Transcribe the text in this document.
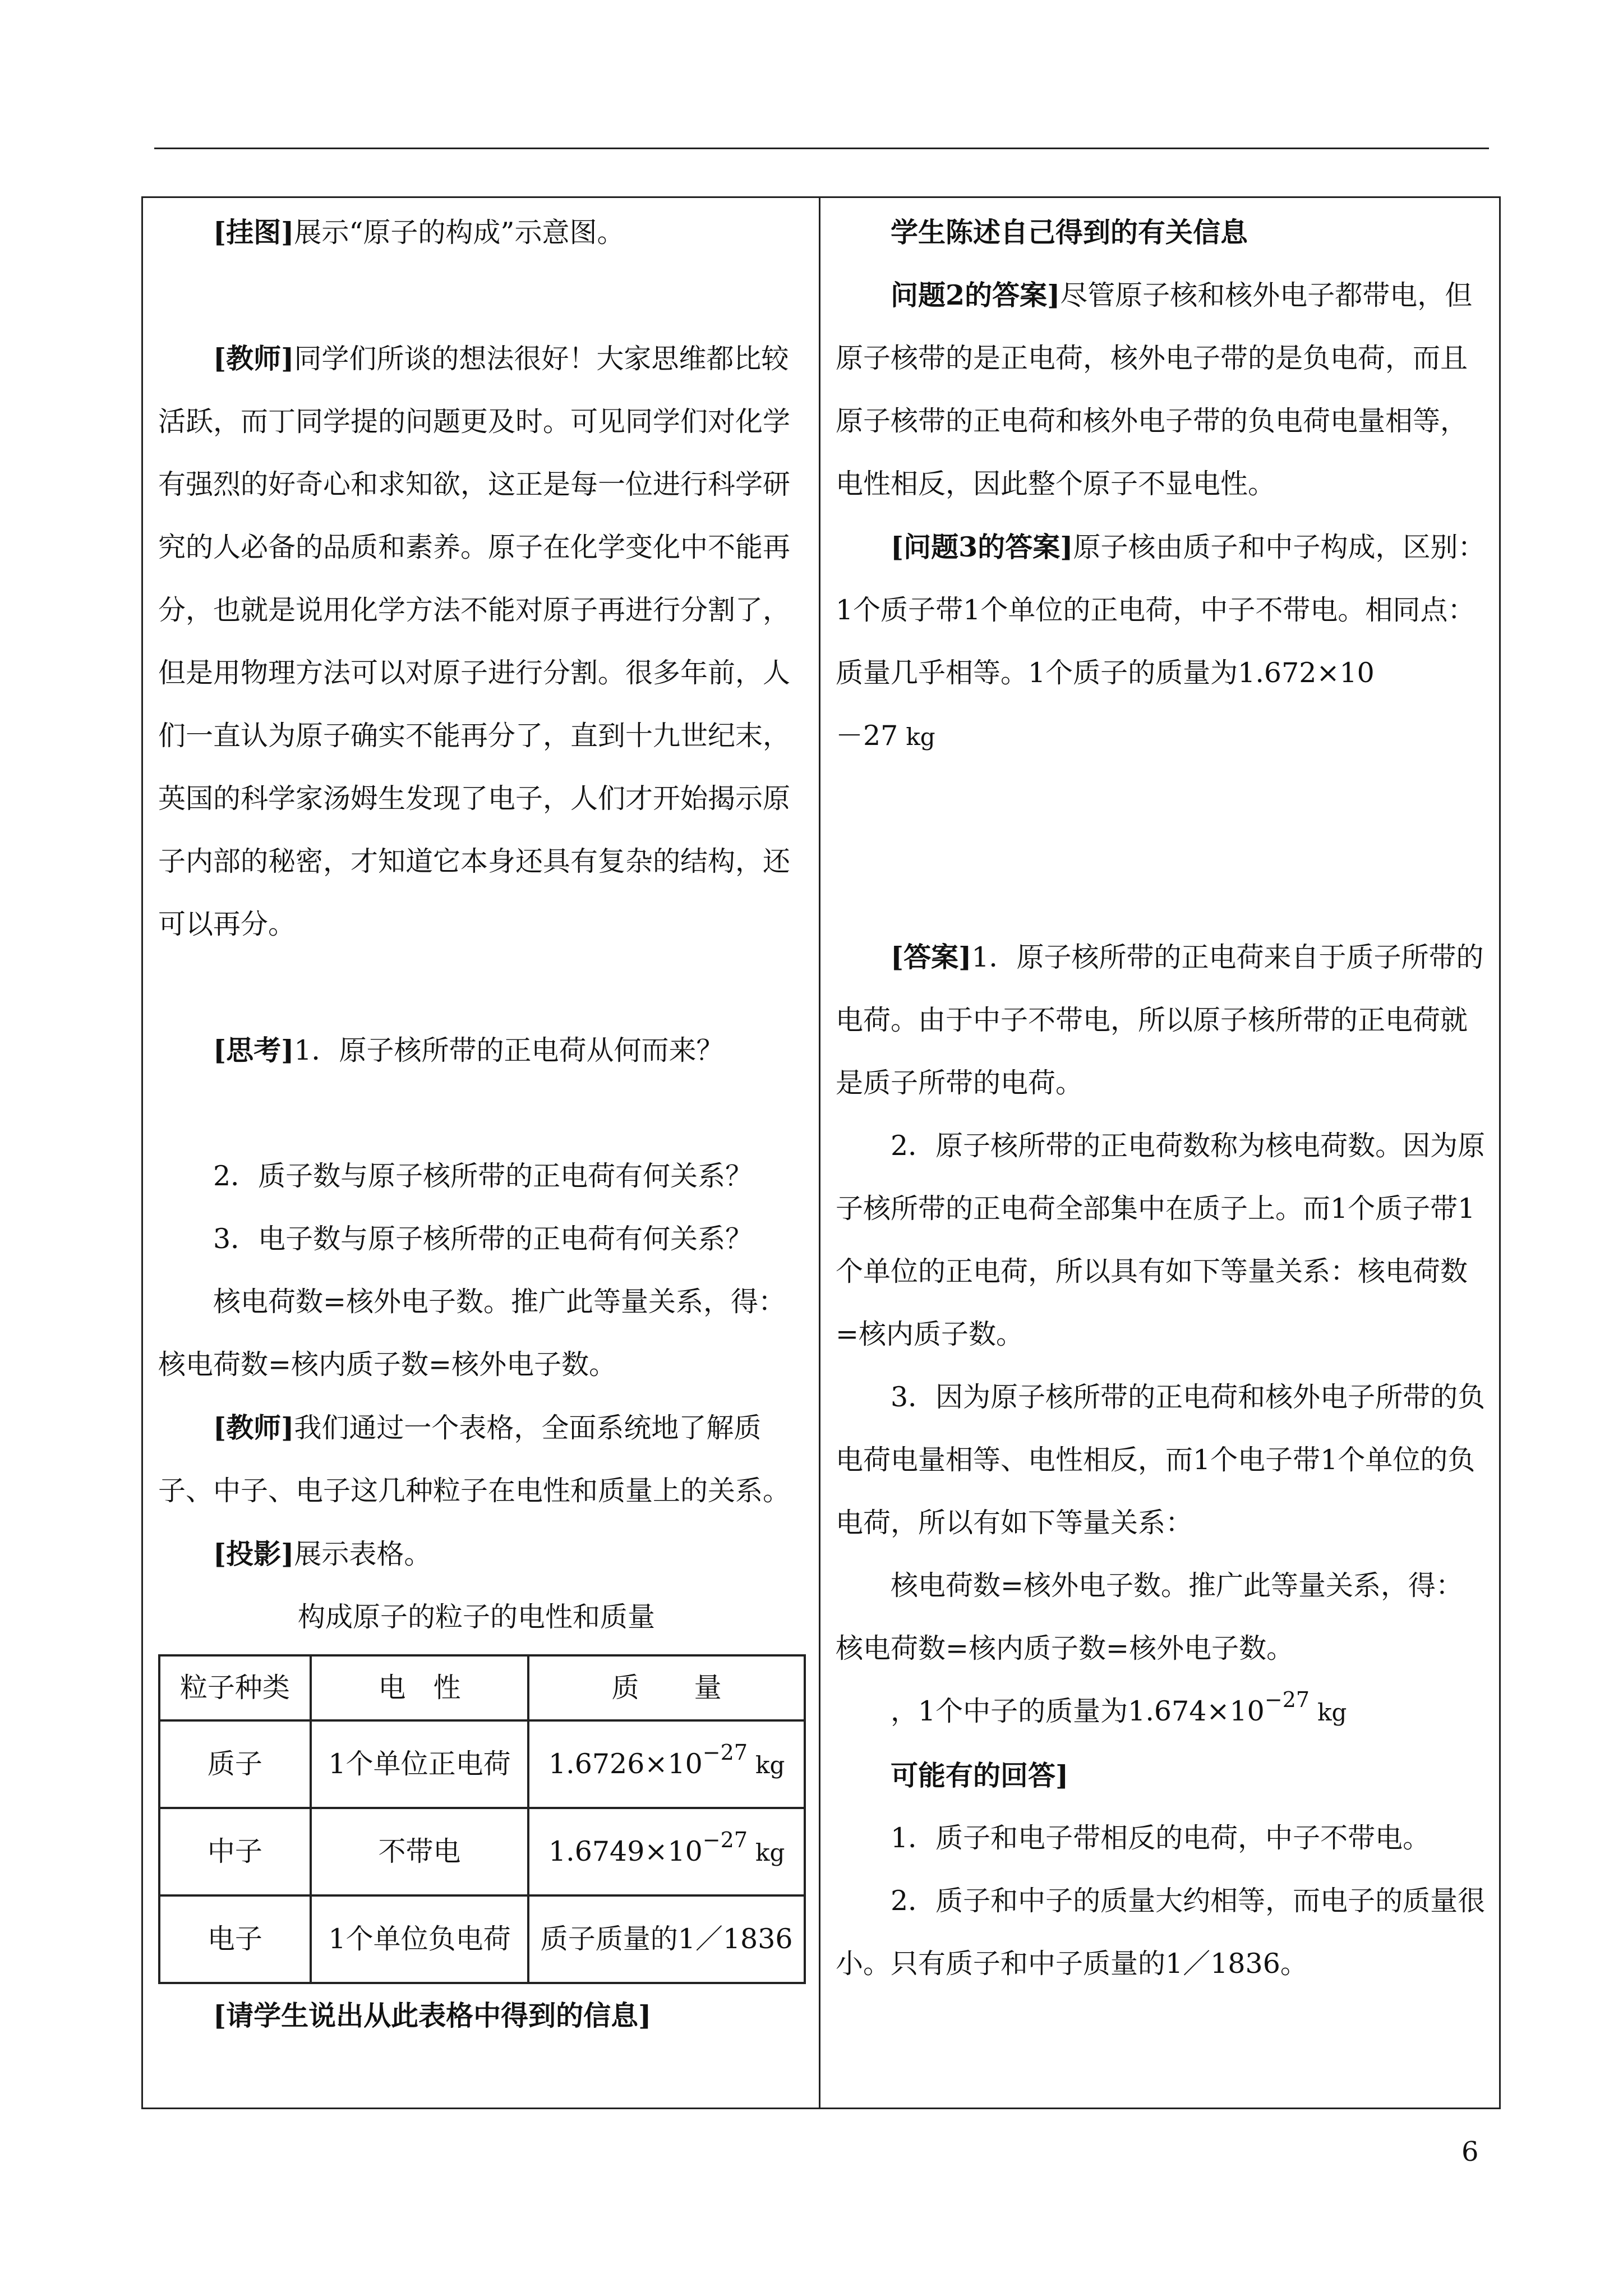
[挂图]展示“原子的构成”示意图。

[教师]同学们所谈的想法很好！大家思维都比较活跃，而丁同学提的问题更及时。可见同学们对化学有强烈的好奇心和求知欲，这正是每一位进行科学研究的人必备的品质和素养。原子在化学变化中不能再分，也就是说用化学方法不能对原子再进行分割了，但是用物理方法可以对原子进行分割。很多年前，人们一直认为原子确实不能再分了，直到十九世纪末，英国的科学家汤姆生发现了电子，人们才开始揭示原子内部的秘密，才知道它本身还具有复杂的结构，还可以再分。

[思考]1．原子核所带的正电荷从何而来？

2．质子数与原子核所带的正电荷有何关系？

3．电子数与原子核所带的正电荷有何关系？

核电荷数=核外电子数。推广此等量关系，得：

核电荷数=核内质子数=核外电子数。

[教师]我们通过一个表格，全面系统地了解质子、中子、电子这几种粒子在电性和质量上的关系。

[投影]展示表格。

构成原子的粒子的电性和质量

粒子种类	电　性	质　　量
质子	1个单位正电荷	$1.6726\times 10^{-27}$ kg
中子	不带电	$1.6749\times 10^{-27}$ kg
电子	1个单位负电荷	质子质量的1／1836

[请学生说出从此表格中得到的信息]

学生陈述自己得到的有关信息

问题2的答案]尽管原子核和核外电子都带电，但原子核带的是正电荷，核外电子带的是负电荷，而且原子核带的正电荷和核外电子带的负电荷电量相等，电性相反，因此整个原子不显电性。

[问题3的答案]原子核由质子和中子构成，区别：1个质子带1个单位的正电荷，中子不带电。相同点：质量几乎相等。1个质子的质量为1.672×10

－27 kg

[答案]1．原子核所带的正电荷来自于质子所带的电荷。由于中子不带电，所以原子核所带的正电荷就是质子所带的电荷。

2．原子核所带的正电荷数称为核电荷数。因为原子核所带的正电荷全部集中在质子上。而1个质子带1个单位的正电荷，所以具有如下等量关系：核电荷数=核内质子数。

3．因为原子核所带的正电荷和核外电子所带的负电荷电量相等、电性相反，而1个电子带1个单位的负电荷，所以有如下等量关系：

核电荷数=核外电子数。推广此等量关系，得：

核电荷数=核内质子数=核外电子数。

，1个中子的质量为$1.674\times 10^{-27}$ kg

可能有的回答]

1．质子和电子带相反的电荷，中子不带电。

2．质子和中子的质量大约相等，而电子的质量很小。只有质子和中子质量的1／1836。

6
